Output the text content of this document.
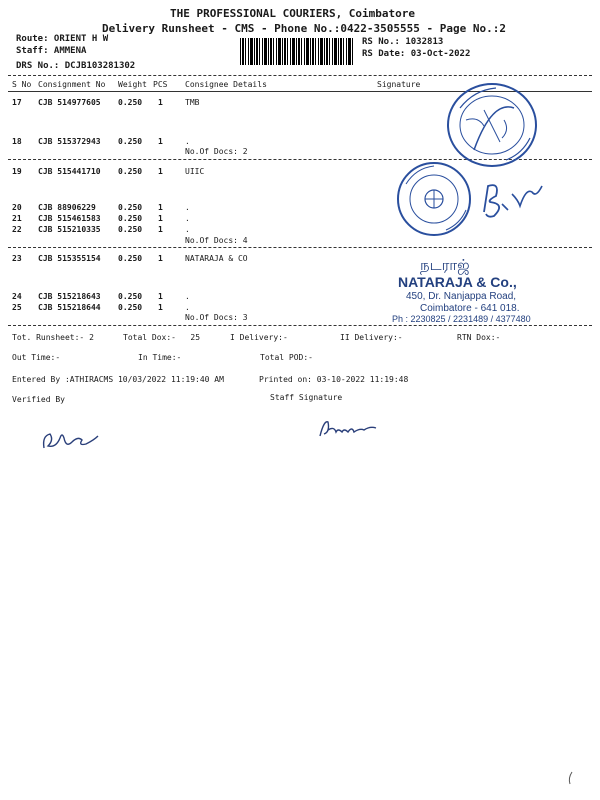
THE PROFESSIONAL COURIERS, Coimbatore
Delivery Runsheet - CMS - Phone No.:0422-3505555 - Page No.:2
Route: ORIENT H W
Staff: AMMENA
DRS No.: DCJB103281302
RS No.: 1032813
RS Date: 03-Oct-2022
S No Consignment No Weight PCS Consignee Details	Signature
17 CJB 514977605 0.250 1	TMB
18 CJB 515372943 0.250 1	.
No.Of Docs: 2
19 CJB 515441710 0.250 1	UIIC
20 CJB 88906229	0.250 1	.
21 CJB 515461583 0.250 1	.
22 CJB 515210335 0.250 1	.
No.Of Docs: 4
23 CJB 515355154 0.250 1	NATARAJA & CO
24 CJB 515218643 0.250 1	.
25 CJB 515218644 0.250 1	.
No.Of Docs: 3
நடராஜ்
NATARAJA & Co.,
450, Dr. Nanjappa Road,
Coimbatore - 641 018.
Ph : 2230825 / 2231489 / 4377480
Tot. Runsheet:- 2	Total Dox:-   25	I Delivery:-	II Delivery:-	RTN Dox:-
Out Time:-	In Time:-	Total POD:-
Entered By :ATHIRACMS 10/03/2022 11:19:40 AM	Printed on: 03-10-2022 11:19:48
Verified By	Staff Signature
